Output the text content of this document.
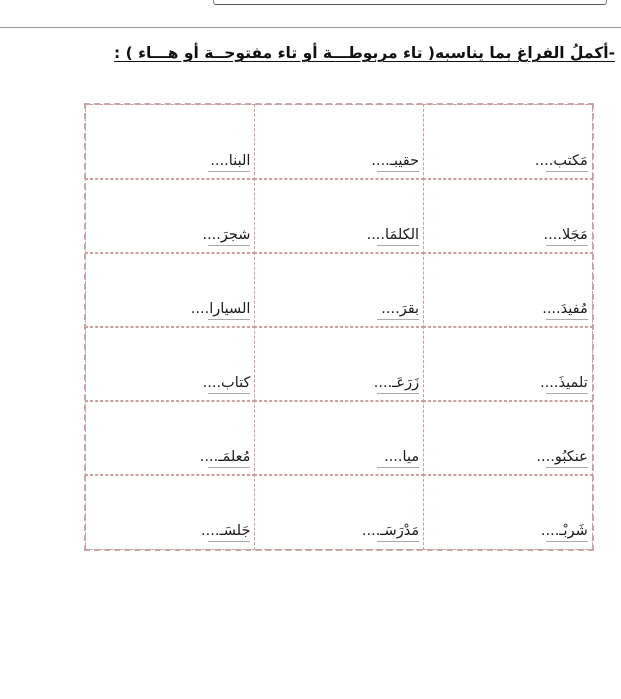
-أكملُ الفراغ بما يناسبه( تاء مربوطـــة أو تاء مفتوحــة أو هـــاء ) :
مَكتب....
حقيبـ....
البنا....
مَجَلا....
الكلمَا....
شجرَ....
مُفيدَ....
بقرَ....
السيارا....
تلميذَ....
زَرَعَـ....
كتاب....
عنكبُو....
ميا....
مُعلمَـ....
شَربْـ....
مَدْرَسَـ....
جَلسَـ....
